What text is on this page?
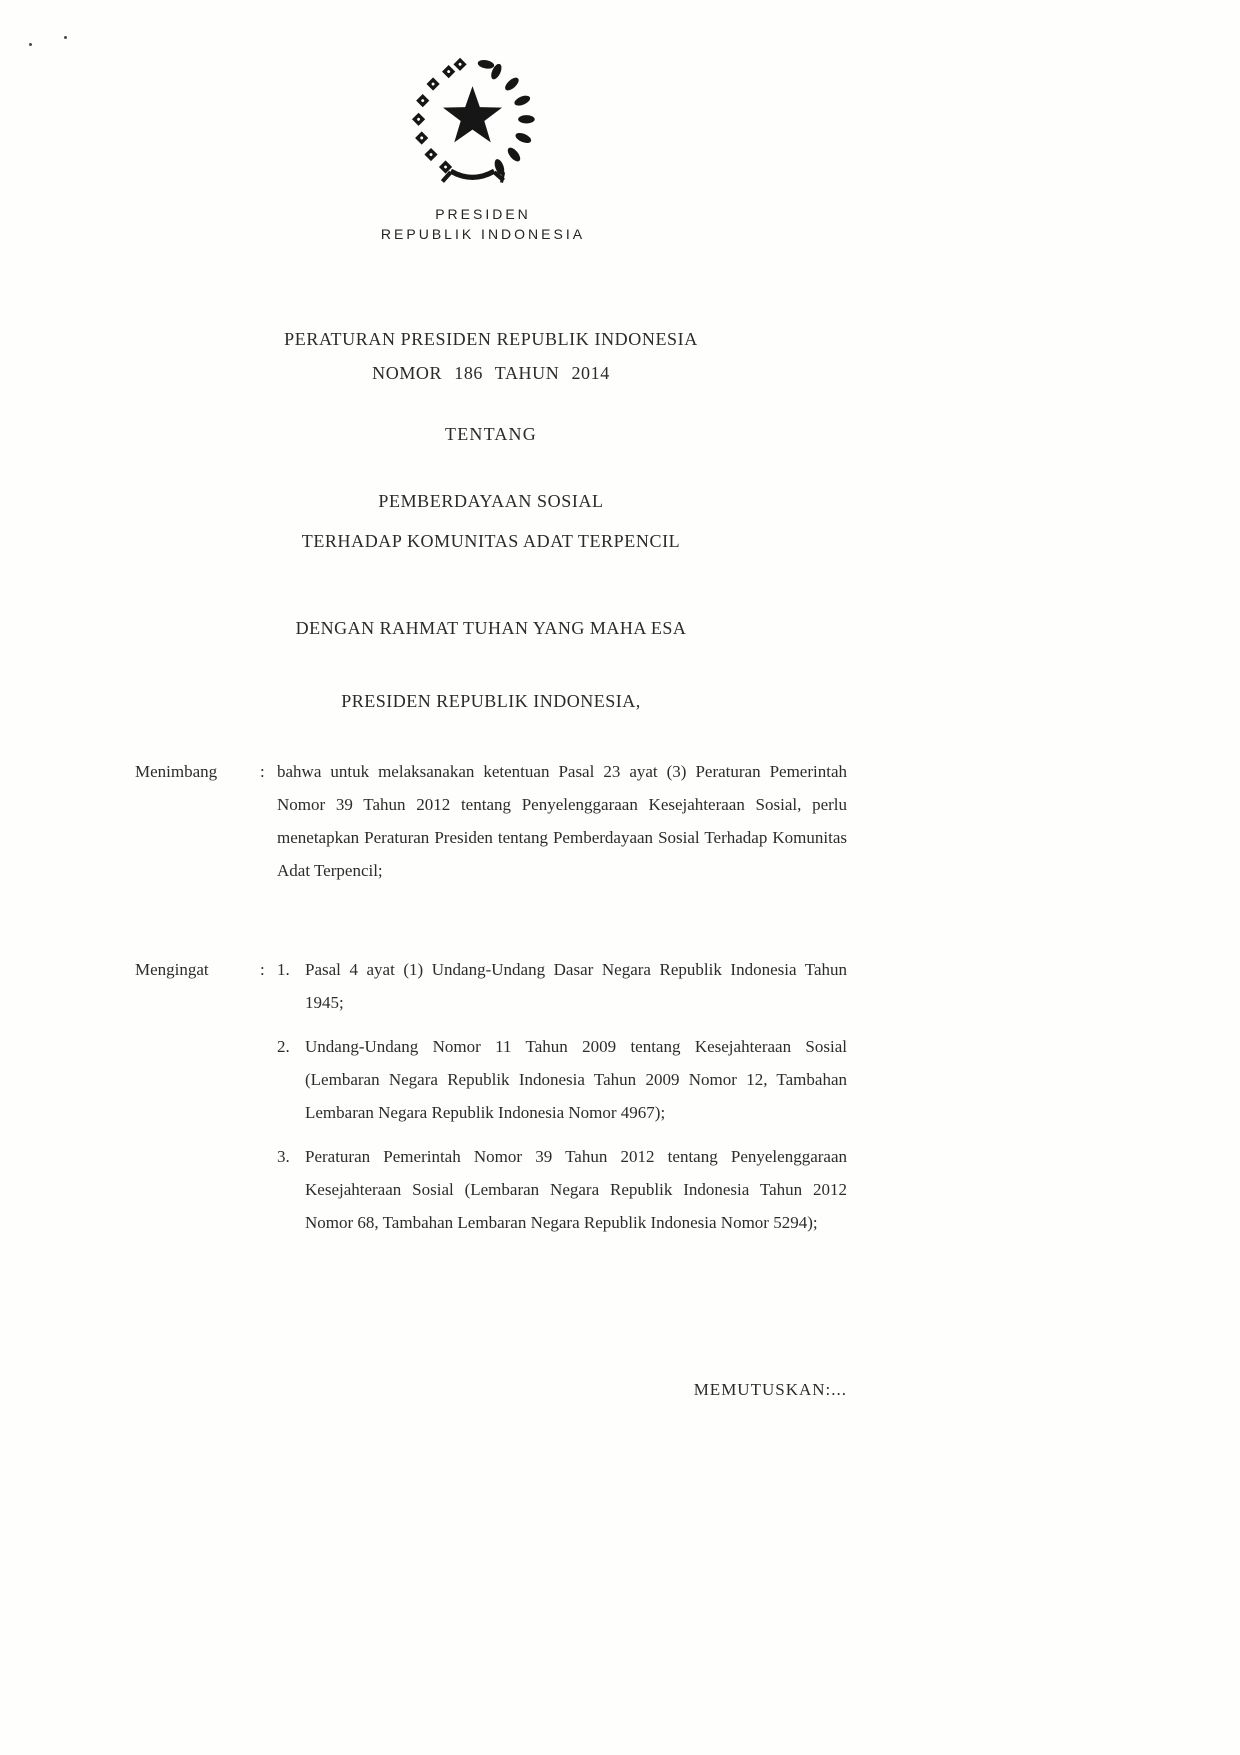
PRESIDEN
REPUBLIK INDONESIA
PERATURAN PRESIDEN REPUBLIK INDONESIA
NOMOR 186 TAHUN 2014
TENTANG
PEMBERDAYAAN SOSIAL
TERHADAP KOMUNITAS ADAT TERPENCIL
DENGAN RAHMAT TUHAN YANG MAHA ESA
PRESIDEN REPUBLIK INDONESIA,
Menimbang	: bahwa untuk melaksanakan ketentuan Pasal 23 ayat (3) Peraturan Pemerintah Nomor 39 Tahun 2012 tentang Penyelenggaraan Kesejahteraan Sosial, perlu menetapkan Peraturan Presiden tentang Pemberdayaan Sosial Terhadap Komunitas Adat Terpencil;
Mengingat	: 1. Pasal 4 ayat (1) Undang-Undang Dasar Negara Republik Indonesia Tahun 1945;
2. Undang-Undang Nomor 11 Tahun 2009 tentang Kesejahteraan Sosial (Lembaran Negara Republik Indonesia Tahun 2009 Nomor 12, Tambahan Lembaran Negara Republik Indonesia Nomor 4967);
3. Peraturan Pemerintah Nomor 39 Tahun 2012 tentang Penyelenggaraan Kesejahteraan Sosial (Lembaran Negara Republik Indonesia Tahun 2012 Nomor 68, Tambahan Lembaran Negara Republik Indonesia Nomor 5294);
MEMUTUSKAN:...
